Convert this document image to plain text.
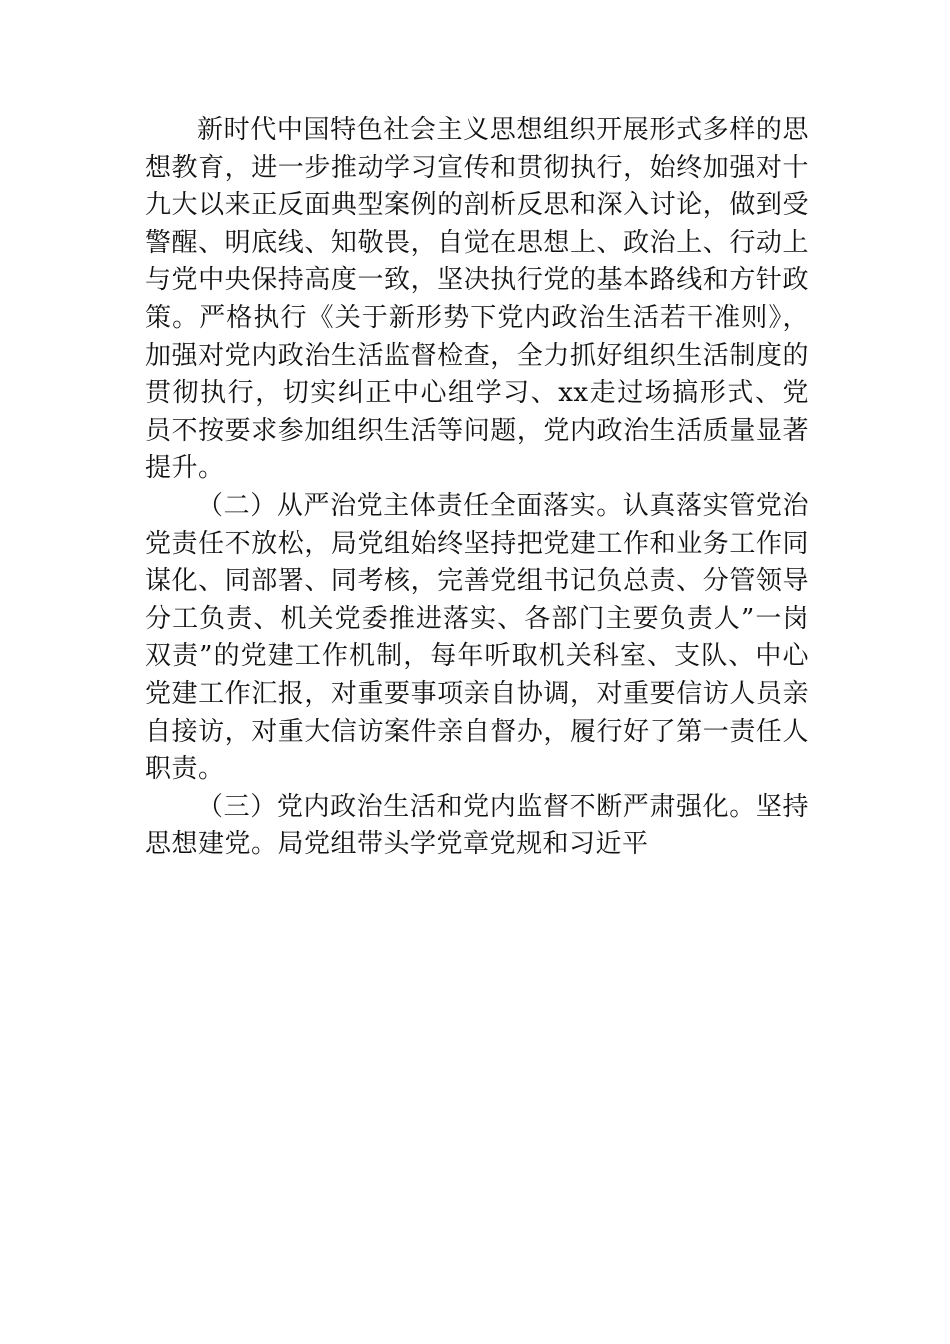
新时代中国特色社会主义思想组织开展形式多样的思想教育，进一步推动学习宣传和贯彻执行，始终加强对十九大以来正反面典型案例的剖析反思和深入讨论，做到受警醒、明底线、知敬畏，自觉在思想上、政治上、行动上与党中央保持高度一致，坚决执行党的基本路线和方针政策。严格执行《关于新形势下党内政治生活若干准则》，加强对党内政治生活监督检查，全力抓好组织生活制度的贯彻执行，切实纠正中心组学习、xx走过场搞形式、党员不按要求参加组织生活等问题，党内政治生活质量显著提升。

（二）从严治党主体责任全面落实。认真落实管党治党责任不放松，局党组始终坚持把党建工作和业务工作同谋化、同部署、同考核，完善党组书记负总责、分管领导分工负责、机关党委推进落实、各部门主要负责人”一岗双责”的党建工作机制，每年听取机关科室、支队、中心党建工作汇报，对重要事项亲自协调，对重要信访人员亲自接访，对重大信访案件亲自督办，履行好了第一责任人职责。

（三）党内政治生活和党内监督不断严肃强化。坚持思想建党。局党组带头学党章党规和习近平
